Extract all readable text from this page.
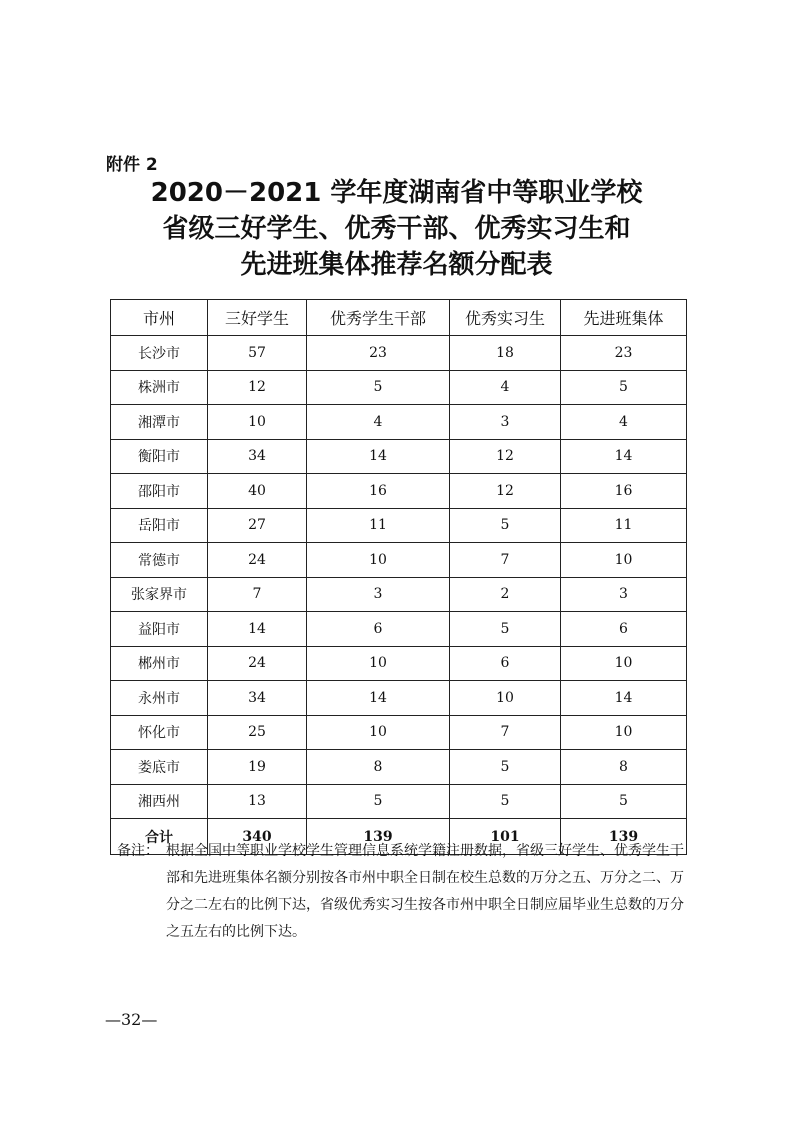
附件 2
2020－2021 学年度湖南省中等职业学校
省级三好学生、优秀干部、优秀实习生和
先进班集体推荐名额分配表
市州	三好学生	优秀学生干部	优秀实习生	先进班集体
长沙市	57	23	18	23
株洲市	12	5	4	5
湘潭市	10	4	3	4
衡阳市	34	14	12	14
邵阳市	40	16	12	16
岳阳市	27	11	5	11
常德市	24	10	7	10
张家界市	7	3	2	3
益阳市	14	6	5	6
郴州市	24	10	6	10
永州市	34	14	10	14
怀化市	25	10	7	10
娄底市	19	8	5	8
湘西州	13	5	5	5
合计	340	139	101	139
备注： 根据全国中等职业学校学生管理信息系统学籍注册数据，省级三好学生、优秀学生干部和先进班集体名额分别按各市州中职全日制在校生总数的万分之五、万分之二、万分之二左右的比例下达，省级优秀实习生按各市州中职全日制应届毕业生总数的万分之五左右的比例下达。
—32—
